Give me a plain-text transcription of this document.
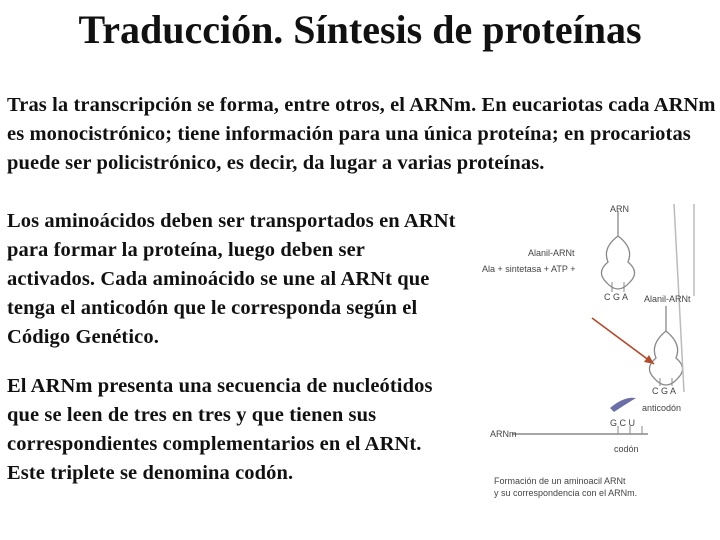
Traducción. Síntesis de proteínas

Tras la transcripción se forma, entre otros, el ARNm. En eucariotas cada ARNm es monocistrónico; tiene información para una única proteína; en procariotas puede ser policistrónico, es decir, da lugar a varias proteínas.

Los aminoácidos deben ser transportados en ARNt para formar la proteína, luego deben ser activados. Cada aminoácido se une al ARNt que tenga el anticodón que le corresponda según el Código Genético.

El ARNm presenta una secuencia de nucleótidos que se leen de tres en tres y que tienen sus correspondientes complementarios en el ARNt. Este triplete se denomina codón.

ARN
Alanil-ARNt
Ala + sintetasa + ATP +
C G A Alanil-ARNt
C G A
anticodón
ARNm
G C U
codón
Formación de un aminoacil ARNt
y su correspondencia con el ARNm.
